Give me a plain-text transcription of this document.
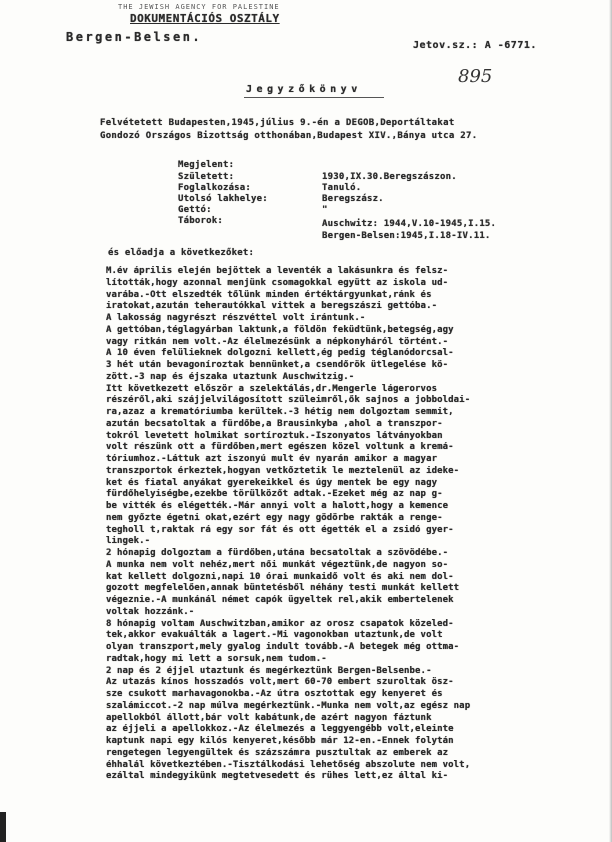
THE JEWISH AGENCY FOR PALESTINE
DOKUMENTÁCIÓS OSZTÁLY
Bergen-Belsen.
Jetov.sz.: A -6771.
895
Jegyzőkönyv
Felvétetett Budapesten,1945,július 9.-én a DEGOB,Deportáltakat
Gondozó Országos Bizottság otthonában,Budapest XIV.,Bánya utca 27.
Megjelent:
Született:	1930,IX.30.Beregszászon.
Foglalkozása:	Tanuló.
Utolsó lakhelye:	Beregszász.
Gettó:	"
Táborok:	Auschwitz: 1944,V.10-1945,I.15.
Bergen-Belsen:1945,I.18-IV.11.
és előadja a következőket:
M.év április elején bejöttek a leventék a lakásunkra és felsz-
lították,hogy azonnal menjünk csomagokkal együtt az iskola ud-
varába.-Ott elszedték tőlünk minden értéktárgyunkat,ránk és
iratokat,azután teherautókkal vittek a beregszászi gettóba.-
A lakosság nagyrészt részvéttel volt irántunk.-
A gettóban,téglagyárban laktunk,a földön feküdtünk,betegség,agy
vagy ritkán nem volt.-Az élelmezésünk a népkonyháról történt.-
A 10 éven felülieknek dolgozni kellett,ég pedig téglanódorcsal-
3 hét után bevagoníroztak bennünket,a csendőrök ütlegelése kö-
zött.-3 nap és éjszaka utaztunk Auschwitzig.-
Itt következett először a szelektálás,dr.Mengerle lágerorvos
részéről,aki szájjelvilágosított szüleimről,ők sajnos a jobboldai-
ra,azaz a krematóriumba kerültek.-3 hétig nem dolgoztam semmit,
azután becsatoltak a fürdőbe,a Brausinkyba ,ahol a transzpor-
tokról levetett holmikat sortíroztuk.-Iszonyatos látványokban
volt részünk ott a fürdőben,mert egészen közel voltunk a kremá-
tóriumhoz.-Láttuk azt iszonyú mult év nyarán amikor a magyar
transzportok érkeztek,hogyan vetkőztetik le meztelenül az ideke-
ket és fiatal anyákat gyerekeikkel és úgy mentek be egy nagy
fürdőhelyiségbe,ezekbe törülközőt adtak.-Ezeket még az nap g-
be vitték és elégették.-Már annyi volt a halott,hogy a kemence
nem győzte égetni okat,ezért egy nagy gödörbe rakták a renge-
tegholl t,raktak rá egy sor fát és ott égették el a zsidó gyer-
lingek.-
2 hónapig dolgoztam a fürdőben,utána becsatoltak a szövödébe.-
A munka nem volt nehéz,mert női munkát végeztünk,de nagyon so-
kat kellett dolgozni,napi 10 órai munkaidő volt és aki nem dol-
gozott megfelelően,annak büntetésből néhány testi munkát kellett
végeznie.-A munkánál német capók ügyeltek rel,akik embertelenek
voltak hozzánk.-
8 hónapig voltam Auschwitzban,amikor az orosz csapatok közeled-
tek,akkor evakuálták a lagert.-Mi vagonokban utaztunk,de volt
olyan transzport,mely gyalog indult tovább.-A betegek még ottma-
radtak,hogy mi lett a sorsuk,nem tudom.-
2 nap és 2 éjjel utaztunk és megérkeztünk Bergen-Belsenbe.-
Az utazás kínos hosszadós volt,mert 60-70 embert szuroltak ösz-
sze csukott marhavagonokba.-Az útra osztottak egy kenyeret és
szalámiccot.-2 nap múlva megérkeztünk.-Munka nem volt,az egész nap
apellokból állott,bár volt kabátunk,de azért nagyon fáztunk
az éjjeli a apellokkoz.-Az élelmezés a leggyengébb volt,eleinte
kaptunk napi egy kilós kenyeret,később már 12-en.-Ennek folytán
rengetegen legyengültek és százszámra pusztultak az emberek az
éhhalál következtében.-Tisztálkodási lehetőség abszolute nem volt,
ezáltal mindegyikünk megtetvesedett és rühes lett,ez által ki-
